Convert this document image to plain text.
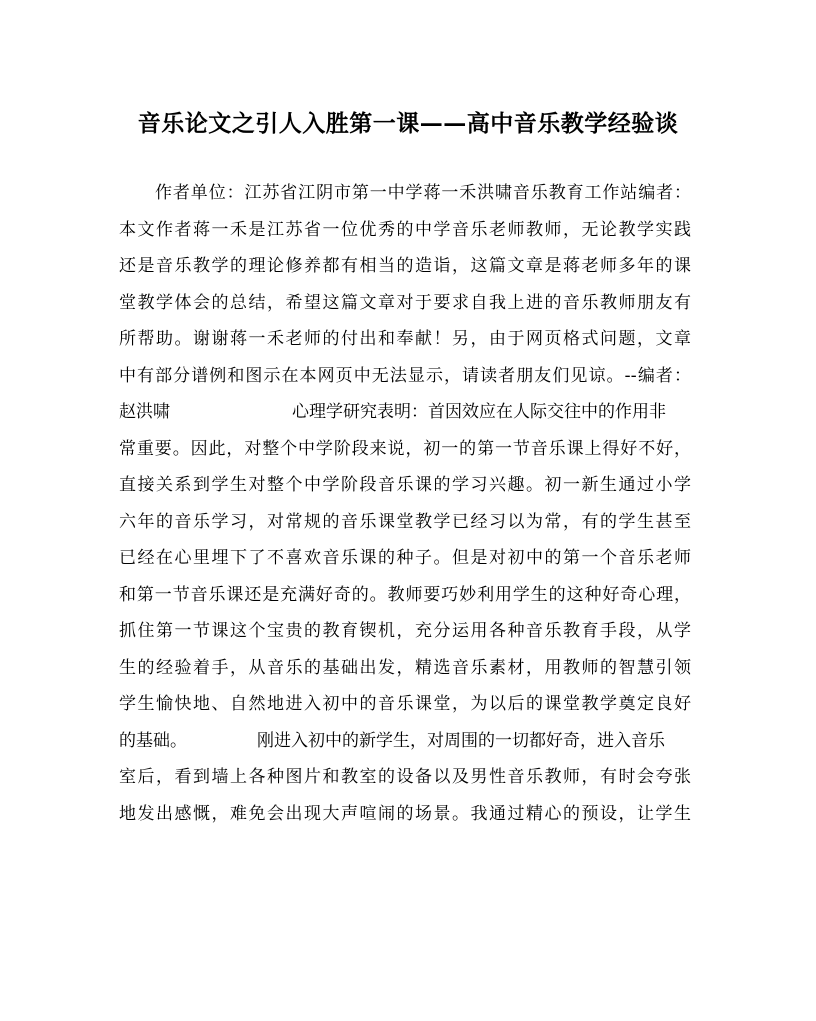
音乐论文之引人入胜第一课——高中音乐教学经验谈
作者单位：江苏省江阴市第一中学蒋一禾洪啸音乐教育工作站编者：
本文作者蒋一禾是江苏省一位优秀的中学音乐老师教师，无论教学实践
还是音乐教学的理论修养都有相当的造诣，这篇文章是蒋老师多年的课
堂教学体会的总结，希望这篇文章对于要求自我上进的音乐教师朋友有
所帮助。谢谢蒋一禾老师的付出和奉献！另，由于网页格式问题，文章
中有部分谱例和图示在本网页中无法显示，请读者朋友们见谅。--编者：
赵洪啸	心理学研究表明：首因效应在人际交往中的作用非
常重要。因此，对整个中学阶段来说，初一的第一节音乐课上得好不好，
直接关系到学生对整个中学阶段音乐课的学习兴趣。初一新生通过小学
六年的音乐学习，对常规的音乐课堂教学已经习以为常，有的学生甚至
已经在心里埋下了不喜欢音乐课的种子。但是对初中的第一个音乐老师
和第一节音乐课还是充满好奇的。教师要巧妙利用学生的这种好奇心理，
抓住第一节课这个宝贵的教育锲机，充分运用各种音乐教育手段，从学
生的经验着手，从音乐的基础出发，精选音乐素材，用教师的智慧引领
学生愉快地、自然地进入初中的音乐课堂，为以后的课堂教学奠定良好
的基础。	刚进入初中的新学生，对周围的一切都好奇，进入音乐
室后，看到墙上各种图片和教室的设备以及男性音乐教师，有时会夸张
地发出感慨，难免会出现大声喧闹的场景。我通过精心的预设，让学生
